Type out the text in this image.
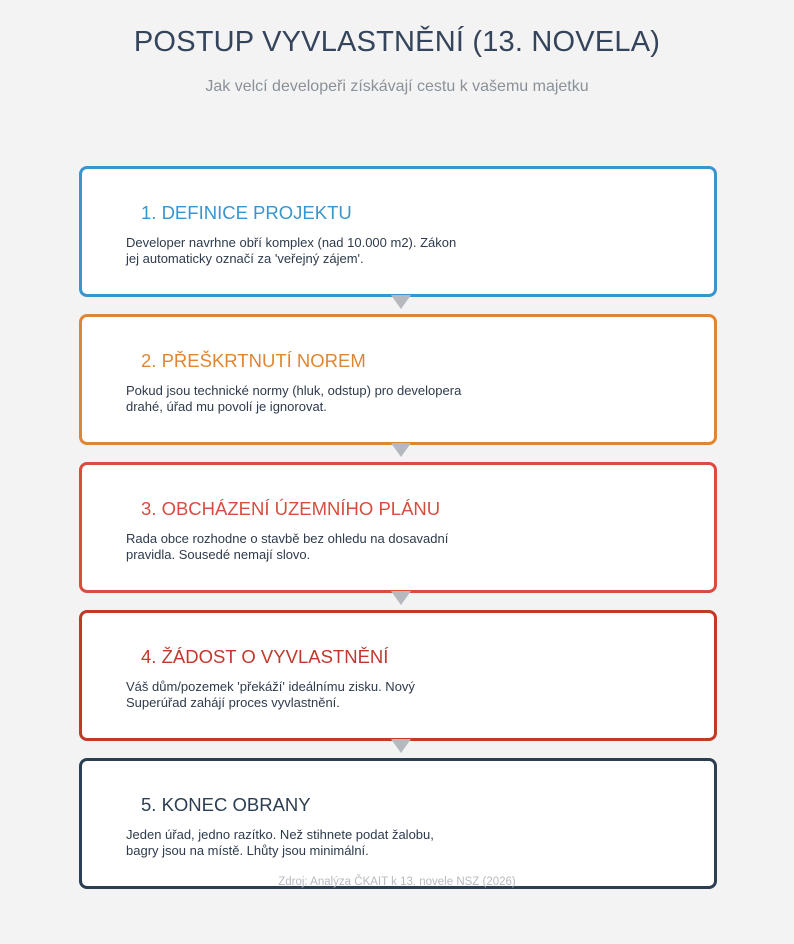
POSTUP VYVLASTNĚNÍ (13. NOVELA)
Jak velcí developeři získávají cestu k vašemu majetku
1. DEFINICE PROJEKTU
Developer navrhne obří komplex (nad 10.000 m2). Zákon jej automaticky označí za 'veřejný zájem'.
2. PŘEŠKRTNUTÍ NOREM
Pokud jsou technické normy (hluk, odstup) pro developera drahé, úřad mu povolí je ignorovat.
3. OBCHÁZENÍ ÚZEMNÍHO PLÁNU
Rada obce rozhodne o stavbě bez ohledu na dosavadní pravidla. Sousedé nemají slovo.
4. ŽÁDOST O VYVLASTNĚNÍ
Váš dům/pozemek 'překáží' ideálnímu zisku. Nový Superúřad zahájí proces vyvlastnění.
5. KONEC OBRANY
Jeden úřad, jedno razítko. Než stihnete podat žalobu, bagry jsou na místě. Lhůty jsou minimální.
Zdroj: Analýza ČKAIT k 13. novele NSZ (2026)
